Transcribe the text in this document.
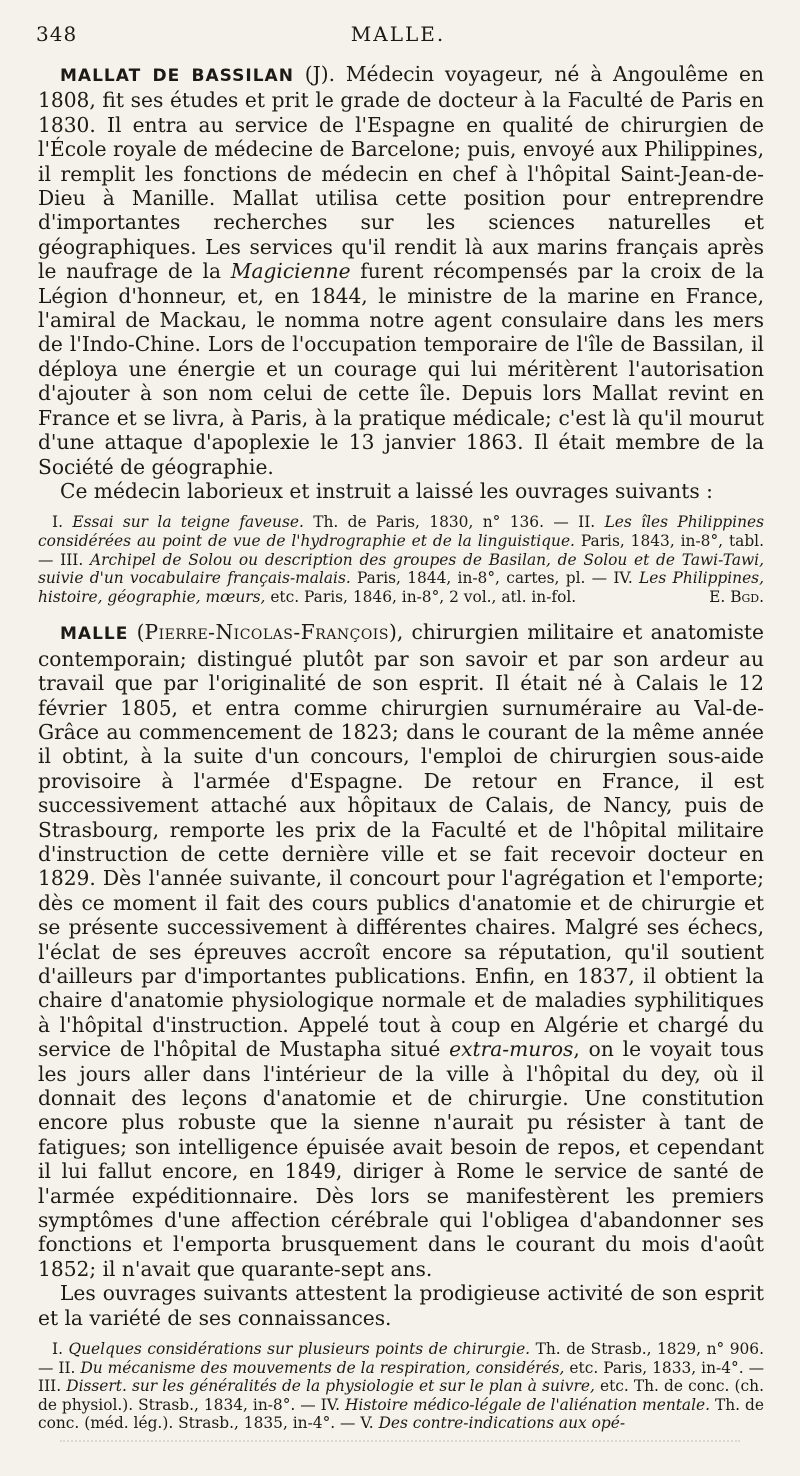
348	MALLE.

MALLAT DE BASSILAN (J). Médecin voyageur, né à Angoulême en 1808, fit ses études et prit le grade de docteur à la Faculté de Paris en 1830. Il entra au service de l'Espagne en qualité de chirurgien de l'École royale de médecine de Barcelone; puis, envoyé aux Philippines, il remplit les fonctions de médecin en chef à l'hôpital Saint-Jean-de-Dieu à Manille. Mallat utilisa cette position pour entreprendre d'importantes recherches sur les sciences naturelles et géographiques. Les services qu'il rendit là aux marins français après le naufrage de la Magicienne furent récompensés par la croix de la Légion d'honneur, et, en 1844, le ministre de la marine en France, l'amiral de Mackau, le nomma notre agent consulaire dans les mers de l'Indo-Chine. Lors de l'occupation temporaire de l'île de Bassilan, il déploya une énergie et un courage qui lui méritèrent l'autorisation d'ajouter à son nom celui de cette île. Depuis lors Mallat revint en France et se livra, à Paris, à la pratique médicale; c'est là qu'il mourut d'une attaque d'apoplexie le 13 janvier 1863. Il était membre de la Société de géographie.

Ce médecin laborieux et instruit a laissé les ouvrages suivants :

I. Essai sur la teigne faveuse. Th. de Paris, 1830, n° 136. — II. Les îles Philippines considérées au point de vue de l'hydrographie et de la linguistique. Paris, 1843, in-8°, tabl. — III. Archipel de Solou ou description des groupes de Basilan, de Solou et de Tawi-Tawi, suivie d'un vocabulaire français-malais. Paris, 1844, in-8°, cartes, pl. — IV. Les Philippines, histoire, géographie, mœurs, etc. Paris, 1846, in-8°, 2 vol., atl. in-fol.	E. Bgd.

MALLE (Pierre-Nicolas-François), chirurgien militaire et anatomiste contemporain; distingué plutôt par son savoir et par son ardeur au travail que par l'originalité de son esprit. Il était né à Calais le 12 février 1805, et entra comme chirurgien surnuméraire au Val-de-Grâce au commencement de 1823; dans le courant de la même année il obtint, à la suite d'un concours, l'emploi de chirurgien sous-aide provisoire à l'armée d'Espagne. De retour en France, il est successivement attaché aux hôpitaux de Calais, de Nancy, puis de Strasbourg, remporte les prix de la Faculté et de l'hôpital militaire d'instruction de cette dernière ville et se fait recevoir docteur en 1829. Dès l'année suivante, il concourt pour l'agrégation et l'emporte; dès ce moment il fait des cours publics d'anatomie et de chirurgie et se présente successivement à différentes chaires. Malgré ses échecs, l'éclat de ses épreuves accroît encore sa réputation, qu'il soutient d'ailleurs par d'importantes publications. Enfin, en 1837, il obtient la chaire d'anatomie physiologique normale et de maladies syphilitiques à l'hôpital d'instruction. Appelé tout à coup en Algérie et chargé du service de l'hôpital de Mustapha situé extra-muros, on le voyait tous les jours aller dans l'intérieur de la ville à l'hôpital du dey, où il donnait des leçons d'anatomie et de chirurgie. Une constitution encore plus robuste que la sienne n'aurait pu résister à tant de fatigues; son intelligence épuisée avait besoin de repos, et cependant il lui fallut encore, en 1849, diriger à Rome le service de santé de l'armée expéditionnaire. Dès lors se manifestèrent les premiers symptômes d'une affection cérébrale qui l'obligea d'abandonner ses fonctions et l'emporta brusquement dans le courant du mois d'août 1852; il n'avait que quarante-sept ans.

Les ouvrages suivants attestent la prodigieuse activité de son esprit et la variété de ses connaissances.

I. Quelques considérations sur plusieurs points de chirurgie. Th. de Strasb., 1829, n° 906. — II. Du mécanisme des mouvements de la respiration, considérés, etc. Paris, 1833, in-4°. — III. Dissert. sur les généralités de la physiologie et sur le plan à suivre, etc. Th. de conc. (ch. de physiol.). Strasb., 1834, in-8°. — IV. Histoire médico-légale de l'aliénation mentale. Th. de conc. (méd. lég.). Strasb., 1835, in-4°. — V. Des contre-indications aux opé-
